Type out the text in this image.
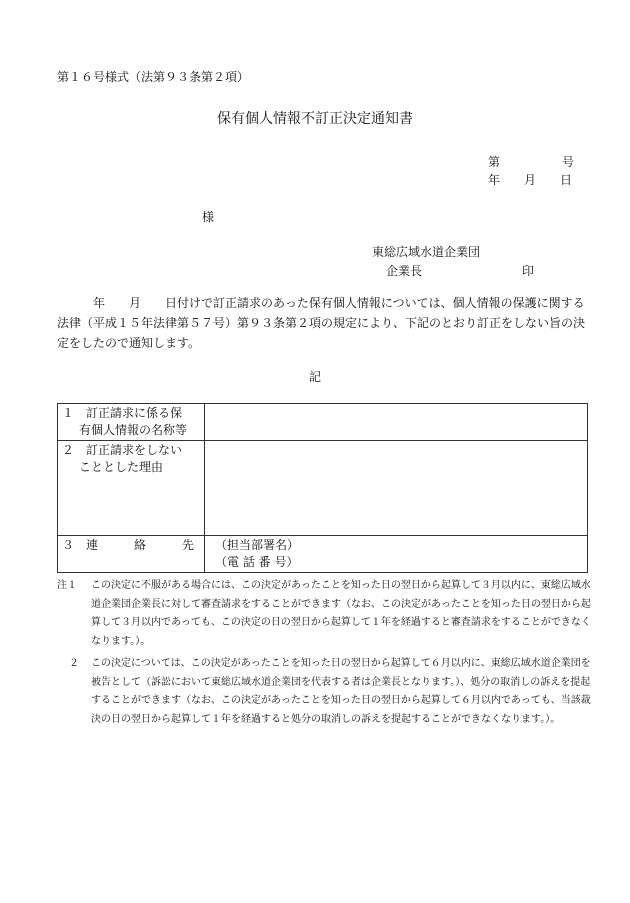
第１６号様式（法第９３条第２項）
保有個人情報不訂正決定通知書
第	号
年 月 日
様
東総広域水道企業団
企業長	印
年 月 日付けで訂正請求のあった保有個人情報については、個人情報の保護に関する法律（平成１５年法律第５７号）第９３条第２項の規定により、下記のとおり訂正をしない旨の決定をしたので通知します。
記
１　訂正請求に係る保
有個人情報の名称等	

２　訂正請求をしない
こととした理由	

３　連　　　絡　　　先	（担当部署名）
（電 話 番 号）
注１ この決定に不服がある場合には、この決定があったことを知った日の翌日から起算して３月以内に、東総広域水道企業団企業長に対して審査請求をすることができます（なお、この決定があったことを知った日の翌日から起算して３月以内であっても、この決定の日の翌日から起算して１年を経過すると審査請求をすることができなくなります。）。
２ この決定については、この決定があったことを知った日の翌日から起算して６月以内に、東総広域水道企業団を被告として（訴訟において東総広域水道企業団を代表する者は企業長となります。）、処分の取消しの訴えを提起することができます（なお、この決定があったことを知った日の翌日から起算して６月以内であっても、当該裁決の日の翌日から起算して１年を経過すると処分の取消しの訴えを提起することができなくなります。）。
